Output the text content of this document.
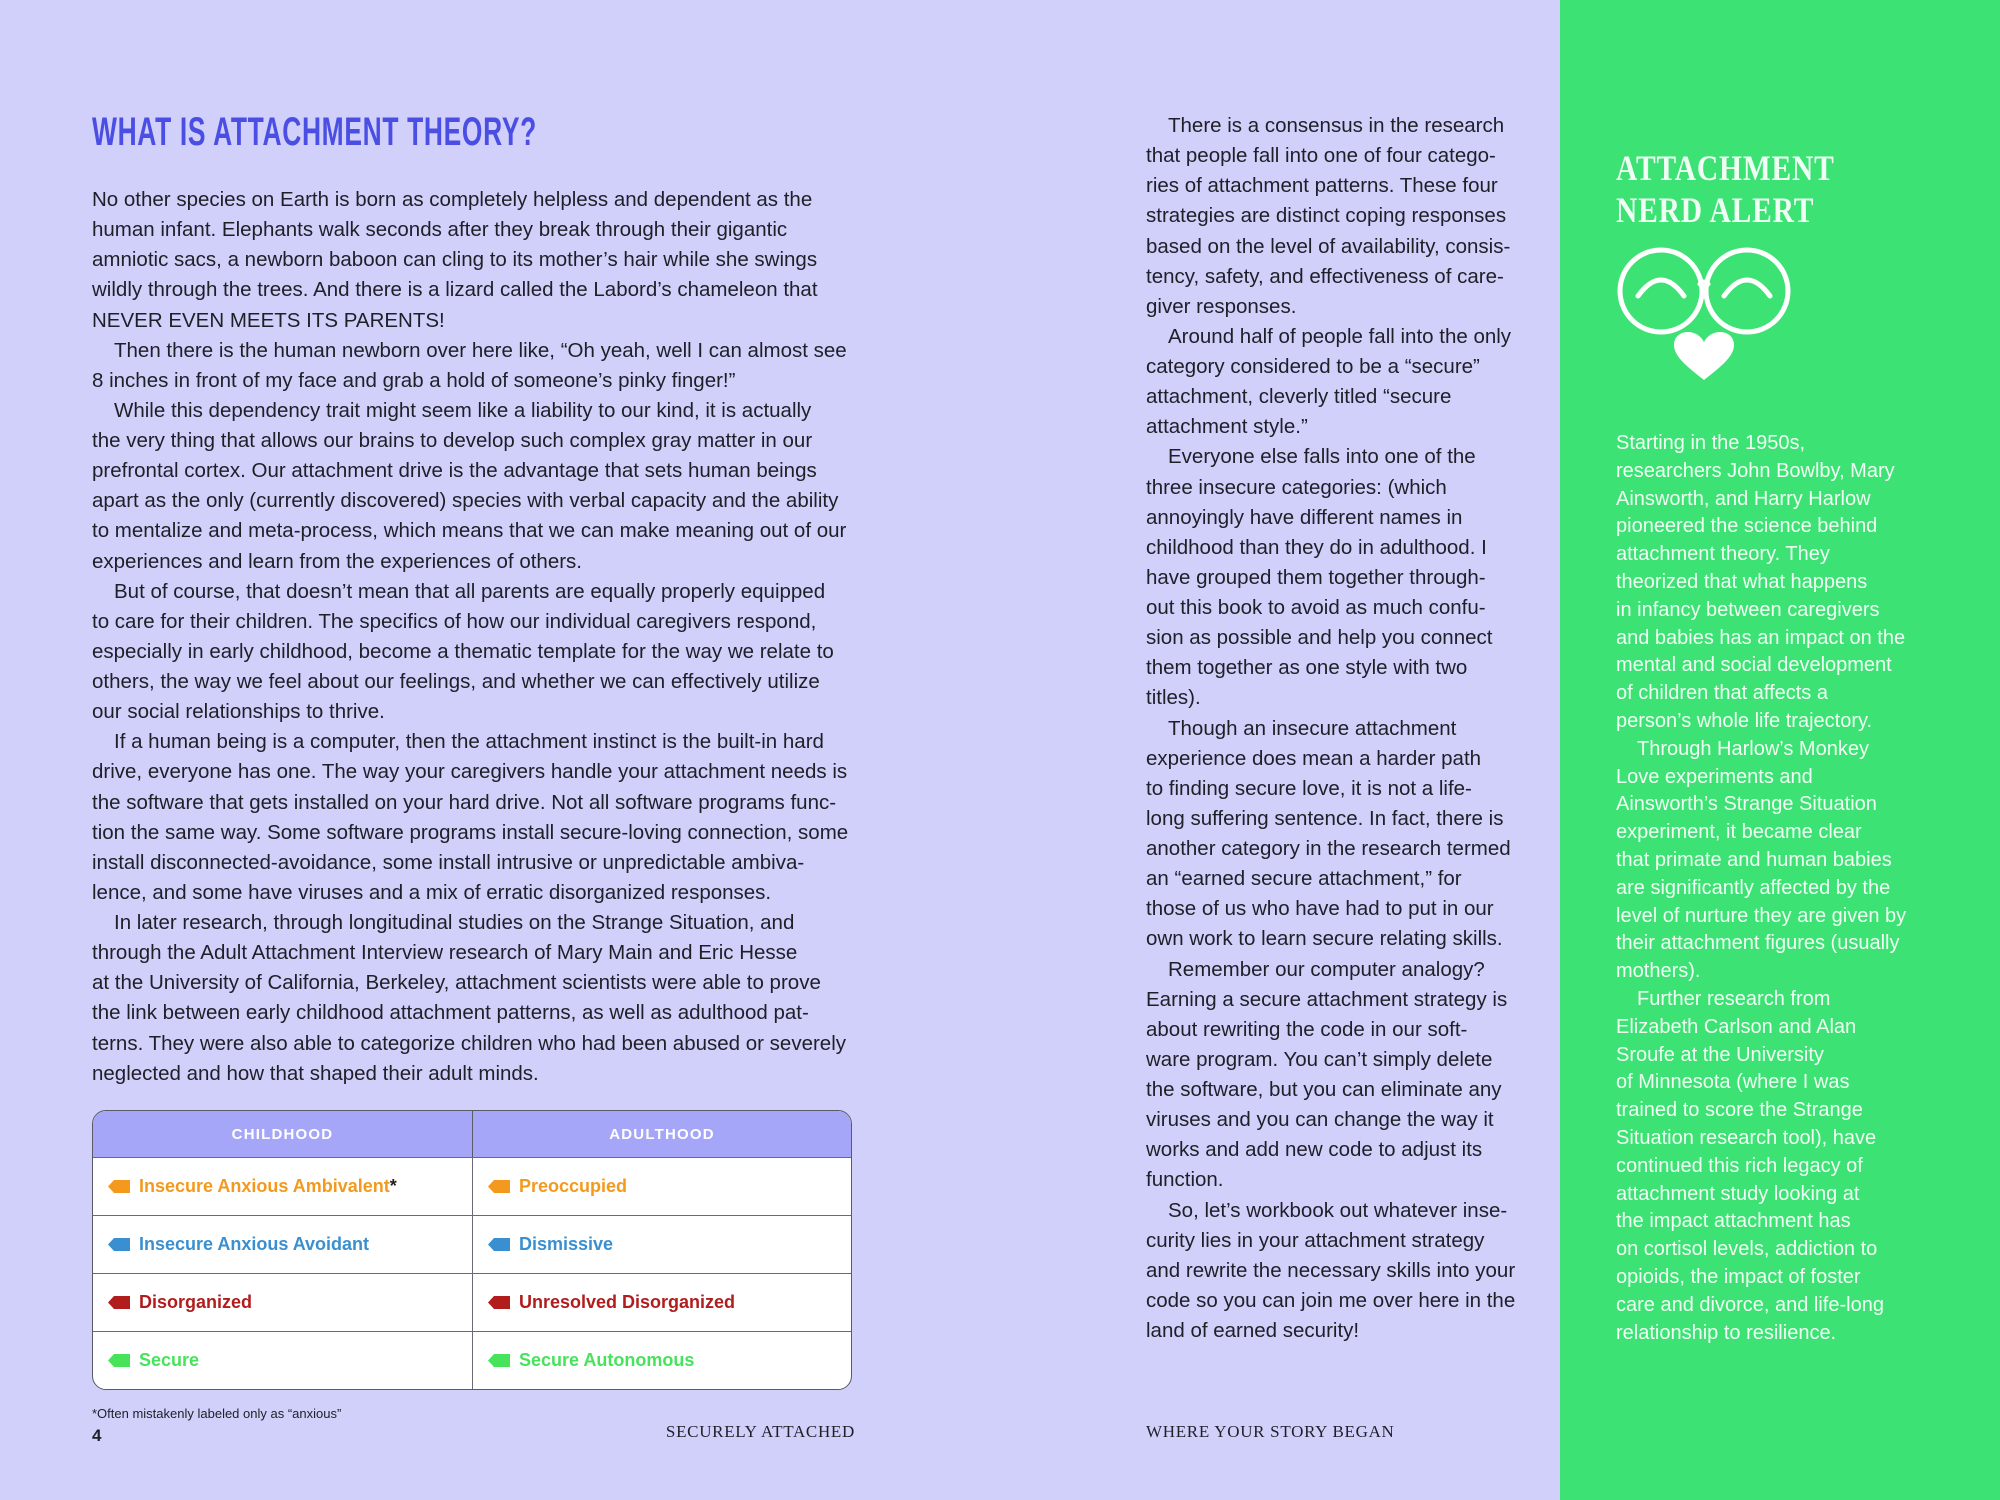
WHAT IS ATTACHMENT THEORY?
No other species on Earth is born as completely helpless and dependent as the
human infant. Elephants walk seconds after they break through their gigantic
amniotic sacs, a newborn baboon can cling to its mother’s hair while she swings
wildly through the trees. And there is a lizard called the Labord’s chameleon that
NEVER EVEN MEETS ITS PARENTS!
Then there is the human newborn over here like, “Oh yeah, well I can almost see
8 inches in front of my face and grab a hold of someone’s pinky finger!”
While this dependency trait might seem like a liability to our kind, it is actually
the very thing that allows our brains to develop such complex gray matter in our
prefrontal cortex. Our attachment drive is the advantage that sets human beings
apart as the only (currently discovered) species with verbal capacity and the ability
to mentalize and meta-process, which means that we can make meaning out of our
experiences and learn from the experiences of others.
But of course, that doesn’t mean that all parents are equally properly equipped
to care for their children. The specifics of how our individual caregivers respond,
especially in early childhood, become a thematic template for the way we relate to
others, the way we feel about our feelings, and whether we can effectively utilize
our social relationships to thrive.
If a human being is a computer, then the attachment instinct is the built-in hard
drive, everyone has one. The way your caregivers handle your attachment needs is
the software that gets installed on your hard drive. Not all software programs func-
tion the same way. Some software programs install secure-loving connection, some
install disconnected-avoidance, some install intrusive or unpredictable ambiva-
lence, and some have viruses and a mix of erratic disorganized responses.
In later research, through longitudinal studies on the Strange Situation, and
through the Adult Attachment Interview research of Mary Main and Eric Hesse
at the University of California, Berkeley, attachment scientists were able to prove
the link between early childhood attachment patterns, as well as adulthood pat-
terns. They were also able to categorize children who had been abused or severely
neglected and how that shaped their adult minds.
CHILDHOOD	ADULTHOOD
Insecure Anxious Ambivalent *	Preoccupied
Insecure Anxious Avoidant	Dismissive
Disorganized	Unresolved Disorganized
Secure	Secure Autonomous
*Often mistakenly labeled only as “anxious”
4	SECURELY ATTACHED
There is a consensus in the research
that people fall into one of four catego-
ries of attachment patterns. These four
strategies are distinct coping responses
based on the level of availability, consis-
tency, safety, and effectiveness of care-
giver responses.
Around half of people fall into the only
category considered to be a “secure”
attachment, cleverly titled “secure
attachment style.”
Everyone else falls into one of the
three insecure categories: (which
annoyingly have different names in
childhood than they do in adulthood. I
have grouped them together through-
out this book to avoid as much confu-
sion as possible and help you connect
them together as one style with two
titles).
Though an insecure attachment
experience does mean a harder path
to finding secure love, it is not a life-
long suffering sentence. In fact, there is
another category in the research termed
an “earned secure attachment,” for
those of us who have had to put in our
own work to learn secure relating skills.
Remember our computer analogy?
Earning a secure attachment strategy is
about rewriting the code in our soft-
ware program. You can’t simply delete
the software, but you can eliminate any
viruses and you can change the way it
works and add new code to adjust its
function.
So, let’s workbook out whatever inse-
curity lies in your attachment strategy
and rewrite the necessary skills into your
code so you can join me over here in the
land of earned security!
WHERE YOUR STORY BEGAN
ATTACHMENT
NERD ALERT
Starting in the 1950s,
researchers John Bowlby, Mary
Ainsworth, and Harry Harlow
pioneered the science behind
attachment theory. They
theorized that what happens
in infancy between caregivers
and babies has an impact on the
mental and social development
of children that affects a
person’s whole life trajectory.
Through Harlow’s Monkey
Love experiments and
Ainsworth’s Strange Situation
experiment, it became clear
that primate and human babies
are significantly affected by the
level of nurture they are given by
their attachment figures (usually
mothers).
Further research from
Elizabeth Carlson and Alan
Sroufe at the University
of Minnesota (where I was
trained to score the Strange
Situation research tool), have
continued this rich legacy of
attachment study looking at
the impact attachment has
on cortisol levels, addiction to
opioids, the impact of foster
care and divorce, and life-long
relationship to resilience.
